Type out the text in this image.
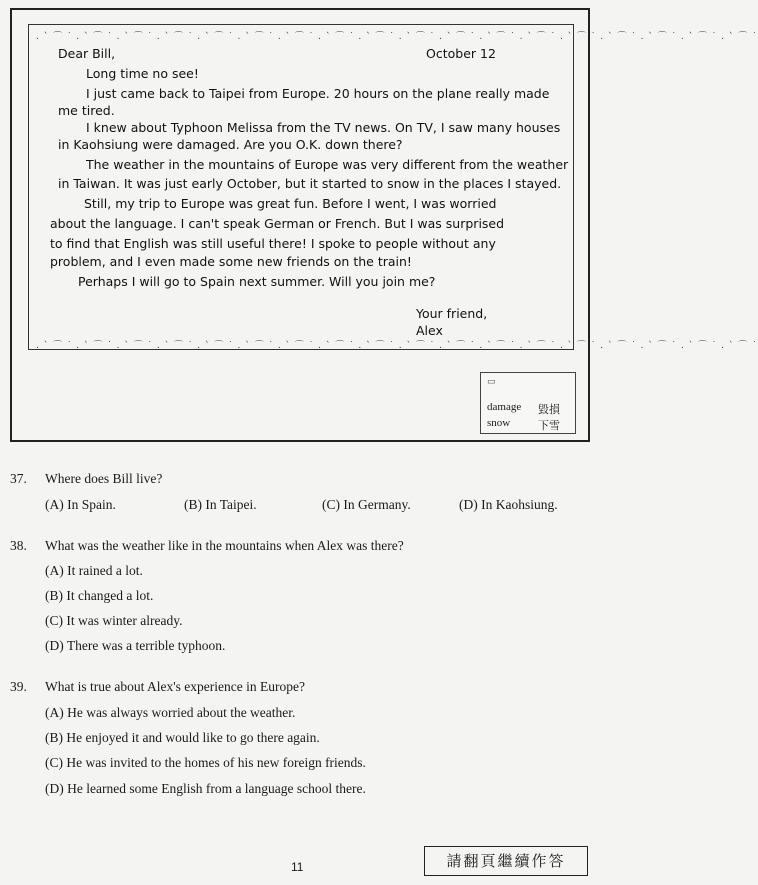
. ` ⌒ ˙ . ` ⌒ ˙ . ` ⌒ ˙ . ` ⌒ ˙ . ` ⌒ ˙ . ` ⌒ ˙ . ` ⌒ ˙ . ` ⌒ ˙ . ` ⌒ ˙ . ` ⌒ ˙ . ` ⌒ ˙ . ` ⌒ ˙ . ` ⌒ ˙ . ` ⌒ ˙ . ` ⌒ ˙ . ` ⌒ ˙ . ` ⌒ ˙ . ` ⌒ ˙
. ` ⌒ ˙ . ` ⌒ ˙ . ` ⌒ ˙ . ` ⌒ ˙ . ` ⌒ ˙ . ` ⌒ ˙ . ` ⌒ ˙ . ` ⌒ ˙ . ` ⌒ ˙ . ` ⌒ ˙ . ` ⌒ ˙ . ` ⌒ ˙ . ` ⌒ ˙ . ` ⌒ ˙ . ` ⌒ ˙ . ` ⌒ ˙ . ` ⌒ ˙ . ` ⌒ ˙
Dear Bill,	October 12
Long time no see!
I just came back to Taipei from Europe. 20 hours on the plane really made
me tired.
I knew about Typhoon Melissa from the TV news. On TV, I saw many houses
in Kaohsiung were damaged. Are you O.K. down there?
The weather in the mountains of Europe was very different from the weather
in Taiwan. It was just early October, but it started to snow in the places I stayed.
Still, my trip to Europe was great fun. Before I went, I was worried
about the language. I can't speak German or French. But I was surprised
to find that English was still useful there! I spoke to people without any
problem, and I even made some new friends on the train!
Perhaps I will go to Spain next summer. Will you join me?
Your friend,
Alex
▭
damage 毀損
snow	下雪
37. Where does Bill live?
(A) In Spain.	(B) In Taipei.	(C) In Germany.	(D) In Kaohsiung.
38. What was the weather like in the mountains when Alex was there?
(A) It rained a lot.
(B) It changed a lot.
(C) It was winter already.
(D) There was a terrible typhoon.
39. What is true about Alex's experience in Europe?
(A) He was always worried about the weather.
(B) He enjoyed it and would like to go there again.
(C) He was invited to the homes of his new foreign friends.
(D) He learned some English from a language school there.
11	請翻頁繼續作答
